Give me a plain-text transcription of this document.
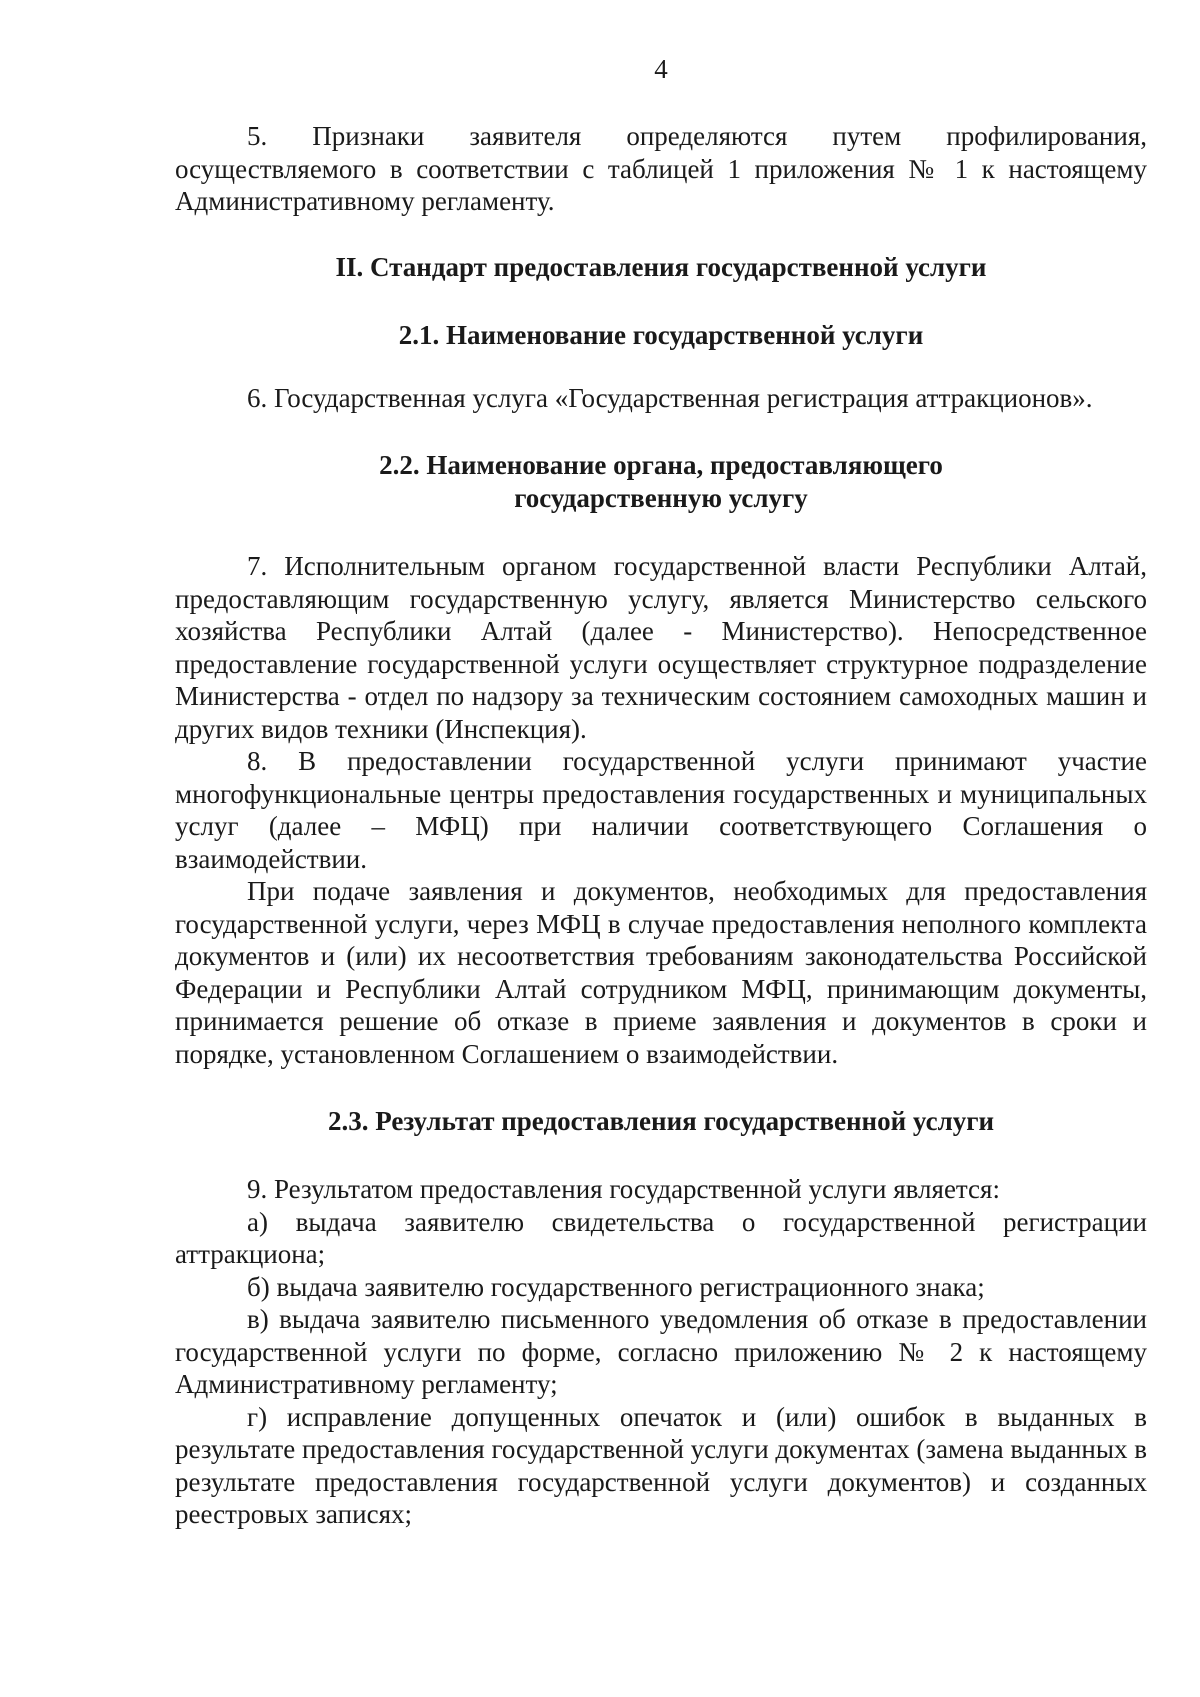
4

5. Признаки заявителя определяются путем профилирования, осуществляемого в соответствии с таблицей 1 приложения № 1 к настоящему Административному регламенту.

II. Стандарт предоставления государственной услуги
2.1. Наименование государственной услуги

6. Государственная услуга «Государственная регистрация аттракционов».

2.2. Наименование органа, предоставляющего
государственную услугу

7. Исполнительным органом государственной власти Республики Алтай, предоставляющим государственную услугу, является Министерство сельского хозяйства Республики Алтай (далее - Министерство). Непосредственное предоставление государственной услуги осуществляет структурное подразделение Министерства - отдел по надзору за техническим состоянием самоходных машин и других видов техники (Инспекция).

8. В предоставлении государственной услуги принимают участие многофункциональные центры предоставления государственных и муниципальных услуг (далее – МФЦ) при наличии соответствующего Соглашения о взаимодействии.

При подаче заявления и документов, необходимых для предоставления государственной услуги, через МФЦ в случае предоставления неполного комплекта документов и (или) их несоответствия требованиям законодательства Российской Федерации и Республики Алтай сотрудником МФЦ, принимающим документы, принимается решение об отказе в приеме заявления и документов в сроки и порядке, установленном Соглашением о взаимодействии.

2.3. Результат предоставления государственной услуги

9. Результатом предоставления государственной услуги является:

а) выдача заявителю свидетельства о государственной регистрации аттракциона;

б) выдача заявителю государственного регистрационного знака;

в) выдача заявителю письменного уведомления об отказе в предоставлении государственной услуги по форме, согласно приложению № 2 к настоящему Административному регламенту;

г) исправление допущенных опечаток и (или) ошибок в выданных в результате предоставления государственной услуги документах (замена выданных в результате предоставления государственной услуги документов) и созданных реестровых записях;
